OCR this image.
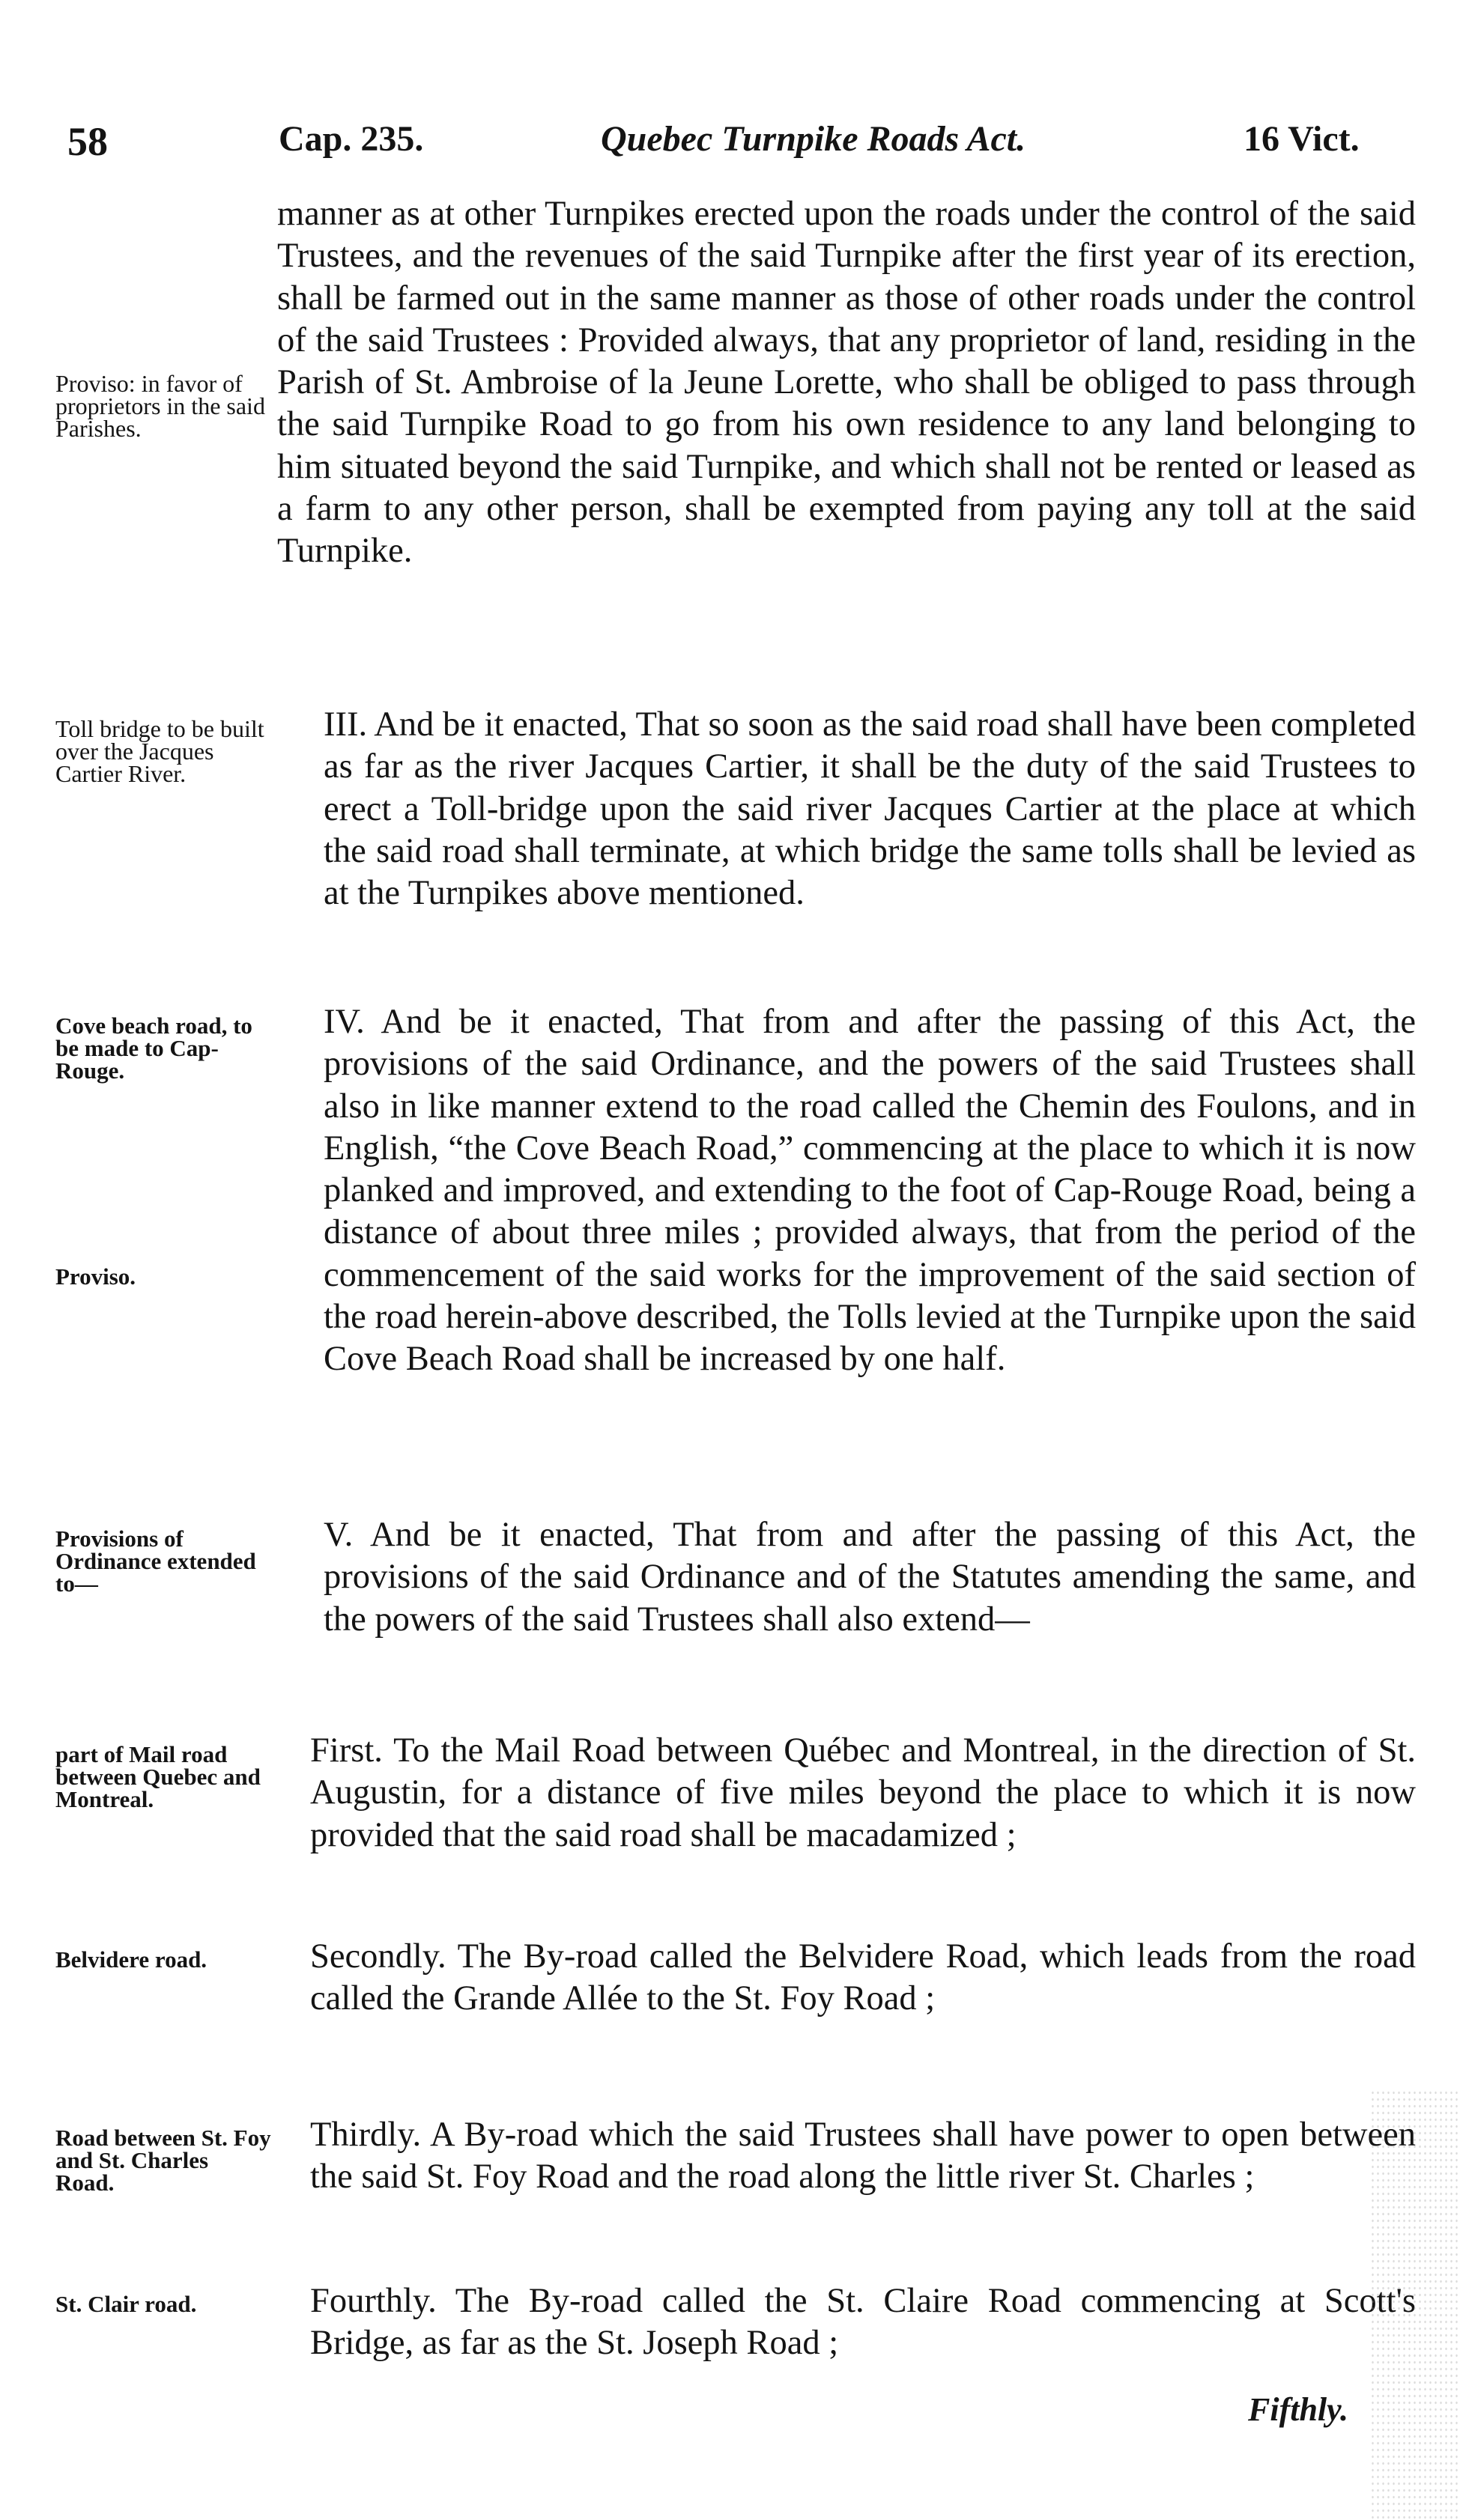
58	Cap. 235.	Quebec Turnpike Roads Act.	16 Vict.
Proviso: in favor of proprietors in the said Parishes.

manner as at other Turnpikes erected upon the roads under the control of the said Trustees, and the revenues of the said Turnpike after the first year of its erection, shall be farmed out in the same manner as those of other roads under the control of the said Trustees : Provided always, that any proprietor of land, residing in the Parish of St. Ambroise of la Jeune Lorette, who shall be obliged to pass through the said Turnpike Road to go from his own residence to any land belonging to him situated beyond the said Turnpike, and which shall not be rented or leased as a farm to any other person, shall be exempted from paying any toll at the said Turnpike.

Toll bridge to be built over the Jacques Cartier River.

III. And be it enacted, That so soon as the said road shall have been completed as far as the river Jacques Cartier, it shall be the duty of the said Trustees to erect a Toll-bridge upon the said river Jacques Cartier at the place at which the said road shall terminate, at which bridge the same tolls shall be levied as at the Turnpikes above mentioned.

Cove beach road, to be made to Cap-Rouge.
Proviso.

IV. And be it enacted, That from and after the passing of this Act, the provisions of the said Ordinance, and the powers of the said Trustees shall also in like manner extend to the road called the Chemin des Foulons, and in English, “the Cove Beach Road,” commencing at the place to which it is now planked and improved, and extending to the foot of Cap-Rouge Road, being a distance of about three miles ; provided always, that from the period of the commencement of the said works for the improvement of the said section of the road herein-above described, the Tolls levied at the Turnpike upon the said Cove Beach Road shall be increased by one half.

Provisions of Ordinance extended to—

V. And be it enacted, That from and after the passing of this Act, the provisions of the said Ordinance and of the Statutes amending the same, and the powers of the said Trustees shall also extend—

part of Mail road between Quebec and Montreal.

First. To the Mail Road between Québec and Montreal, in the direction of St. Augustin, for a distance of five miles beyond the place to which it is now provided that the said road shall be macadamized ;

Belvidere road.	Secondly. The By-road called the Belvidere Road, which leads from the road called the Grande Allée to the St. Foy Road ;

Road between St. Foy and St. Charles Road.

Thirdly. A By-road which the said Trustees shall have power to open between the said St. Foy Road and the road along the little river St. Charles ;

St. Clair road.	Fourthly. The By-road called the St. Claire Road commencing at Scott's Bridge, as far as the St. Joseph Road ;

Fifthly.
